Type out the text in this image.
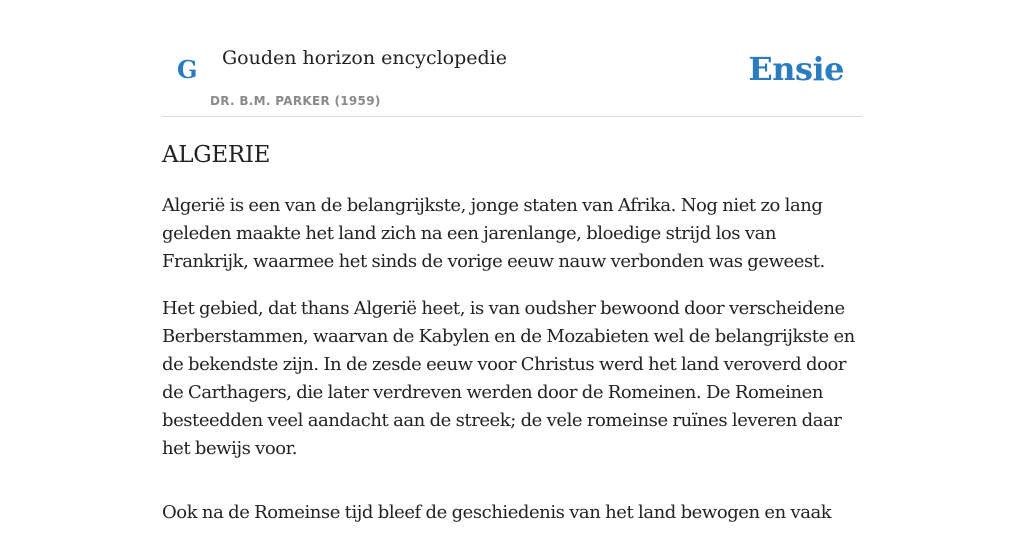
G Gouden horizon encyclopedie
DR. B.M. PARKER (1959)
Ensie
ALGERIE

Algerië is een van de belangrijkste, jonge staten van Afrika. Nog niet zo lang geleden maakte het land zich na een jarenlange, bloedige strijd los van Frankrijk, waarmee het sinds de vorige eeuw nauw verbonden was geweest.

Het gebied, dat thans Algerië heet, is van oudsher bewoond door verscheidene Berberstammen, waarvan de Kabylen en de Mozabieten wel de belangrijkste en de bekendste zijn. In de zesde eeuw voor Christus werd het land veroverd door de Carthagers, die later verdreven werden door de Romeinen. De Romeinen besteedden veel aandacht aan de streek; de vele romeinse ruïnes leveren daar het bewijs voor.

Ook na de Romeinse tijd bleef de geschiedenis van het land bewogen en vaak
